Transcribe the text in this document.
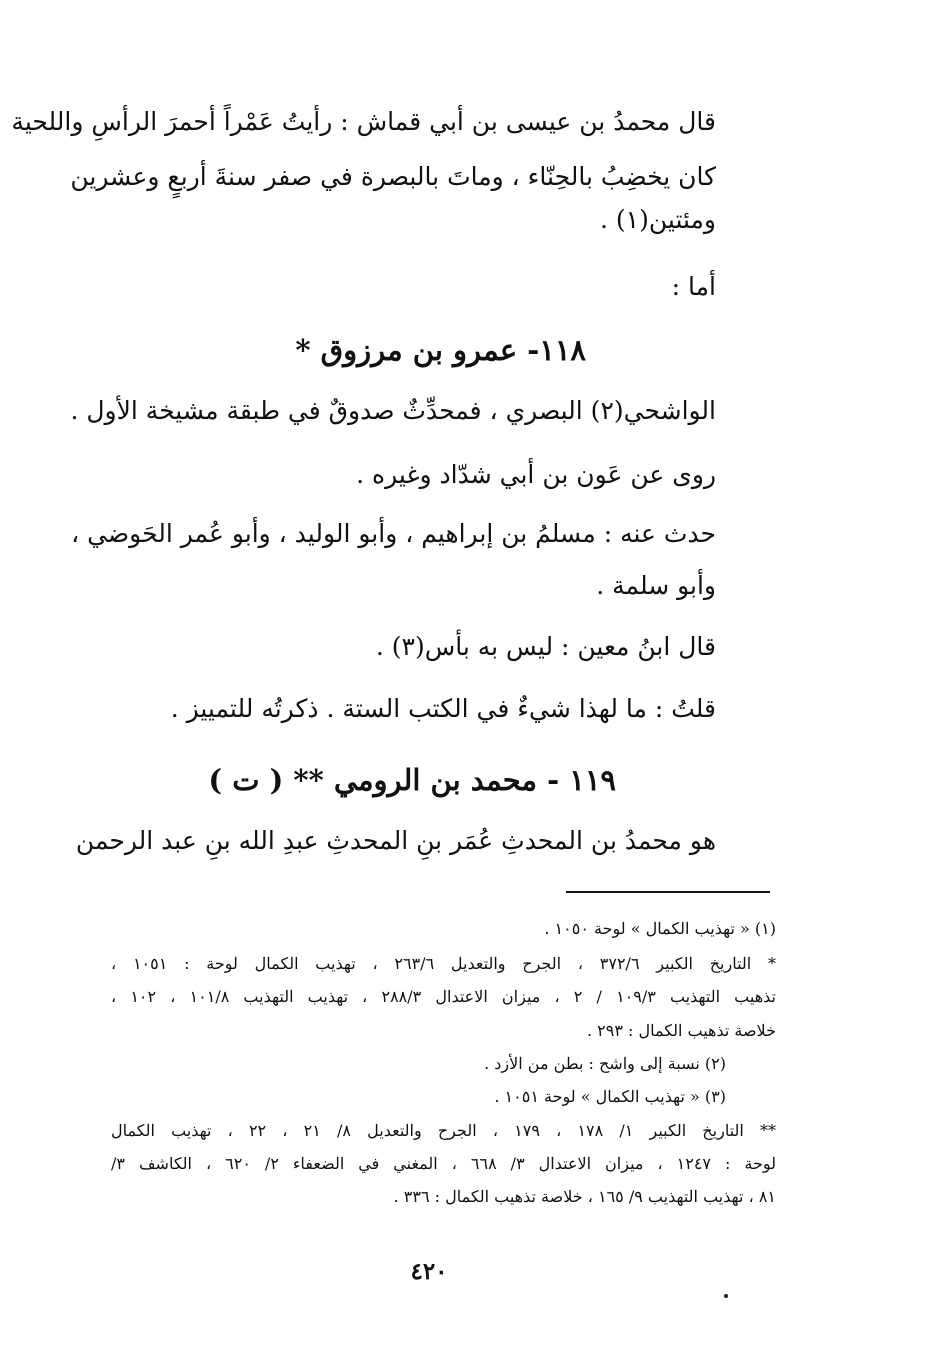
قال محمدُ بن عيسى بن أبي قماش : رأيتُ عَمْراً أحمرَ الرأسِ واللحية
كان يخضِبُ بالحِنّاء ، وماتَ بالبصرة في صفر سنةَ أربعٍ وعشرين
ومئتين(١) .
أما :
١١٨- عمرو بن مرزوق *
الواشحي(٢) البصري ، فمحدِّثٌ صدوقٌ في طبقة مشيخة الأول .
روى عن عَون بن أبي شدّاد وغيره .
حدث عنه : مسلمُ بن إبراهيم ، وأبو الوليد ، وأبو عُمر الحَوضي ،
وأبو سلمة .
قال ابنُ معين : ليس به بأس(٣) .
قلتُ : ما لهذا شيءٌ في الكتب الستة . ذكرتُه للتمييز .
١١٩ - محمد بن الرومي ** ( ت )
هو محمدُ بن المحدثِ عُمَر بنِ المحدثِ عبدِ الله بنِ عبد الرحمن
(١) « تهذيب الكمال » لوحة ١٠٥٠ .
* التاريخ الكبير ٣٧٢/٦ ، الجرح والتعديل ٢٦٣/٦ ، تهذيب الكمال لوحة : ١٠٥١ ،
تذهيب التهذيب ١٠٩/٣ / ٢ ، ميزان الاعتدال ٢٨٨/٣ ، تهذيب التهذيب ١٠١/٨ ، ١٠٢ ،
خلاصة تذهيب الكمال : ٢٩٣ .
(٢) نسبة إلى واشح : بطن من الأزد .
(٣) « تهذيب الكمال » لوحة ١٠٥١ .
** التاريخ الكبير ١/ ١٧٨ ، ١٧٩ ، الجرح والتعديل ٨/ ٢١ ، ٢٢ ، تهذيب الكمال
لوحة : ١٢٤٧ ، ميزان الاعتدال ٣/ ٦٦٨ ، المغني في الضعفاء ٢/ ٦٢٠ ، الكاشف ٣/
٨١ ، تهذيب التهذيب ٩/ ١٦٥ ، خلاصة تذهيب الكمال : ٣٣٦ .
٤٢٠
